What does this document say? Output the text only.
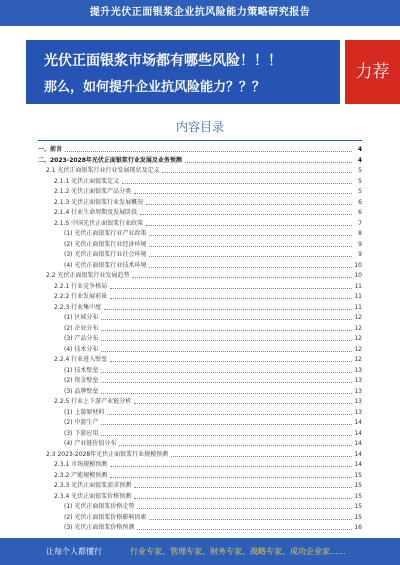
提升光伏正面银浆企业抗风险能力策略研究报告
光伏正面银浆市场都有哪些风险！！！
那么，如何提升企业抗风险能力？？？
力荐
内容目录
一、前言	4
二、2023-2028年光伏正面银浆行业发展及业务预测	4
2.1 光伏正面银浆行业行业发展现状及定义	5
2.1.1 光伏正面银浆定义	5
2.1.2 光伏正面银浆产品分类	5
2.1.3 光伏正面银浆行业发展概况	6
2.1.4 行业生命周期及发展阶段	6
2.1.5 中国光伏正面银浆行业政策	7
(1) 光伏正面银浆行业产业政策	8
(2) 光伏正面银浆行业经济环境	9
(3) 光伏正面银浆行业社会环境	9
(4) 光伏正面银浆行业技术环境	10
2.2 光伏正面银浆行业发展趋势	10
2.2.1 行业竞争格局	11
2.2.2 行业发展前景	11
2.2.3 行业集中度	11
(1) 区域分布	12
(2) 企业分布	12
(3) 产品分布	12
(4) 技术分布	12
2.2.4 行业进入壁垒	12
(1) 技术壁垒	13
(2) 资金壁垒	13
(3) 品牌壁垒	13
2.2.5 行业上下游产业链分析	13
(1) 上游原材料	13
(2) 中游生产	14
(3) 下游应用	14
(4) 产业链价值分布	14
2.3 2023-2028年光伏正面银浆行业规模预测	14
2.3.1 市场规模预测	14
2.3.2 产能规模预测	15
2.3.3 光伏正面银浆需求预测	15
2.3.4 光伏正面银浆价格预测	15
(1) 光伏正面银浆价格走势	15
(2) 光伏正面银浆价格影响因素	15
(3) 光伏正面银浆价格预测	16
让每个人都懂行	行业专家、管理专家、财务专家、战略专家、成功企业家……
